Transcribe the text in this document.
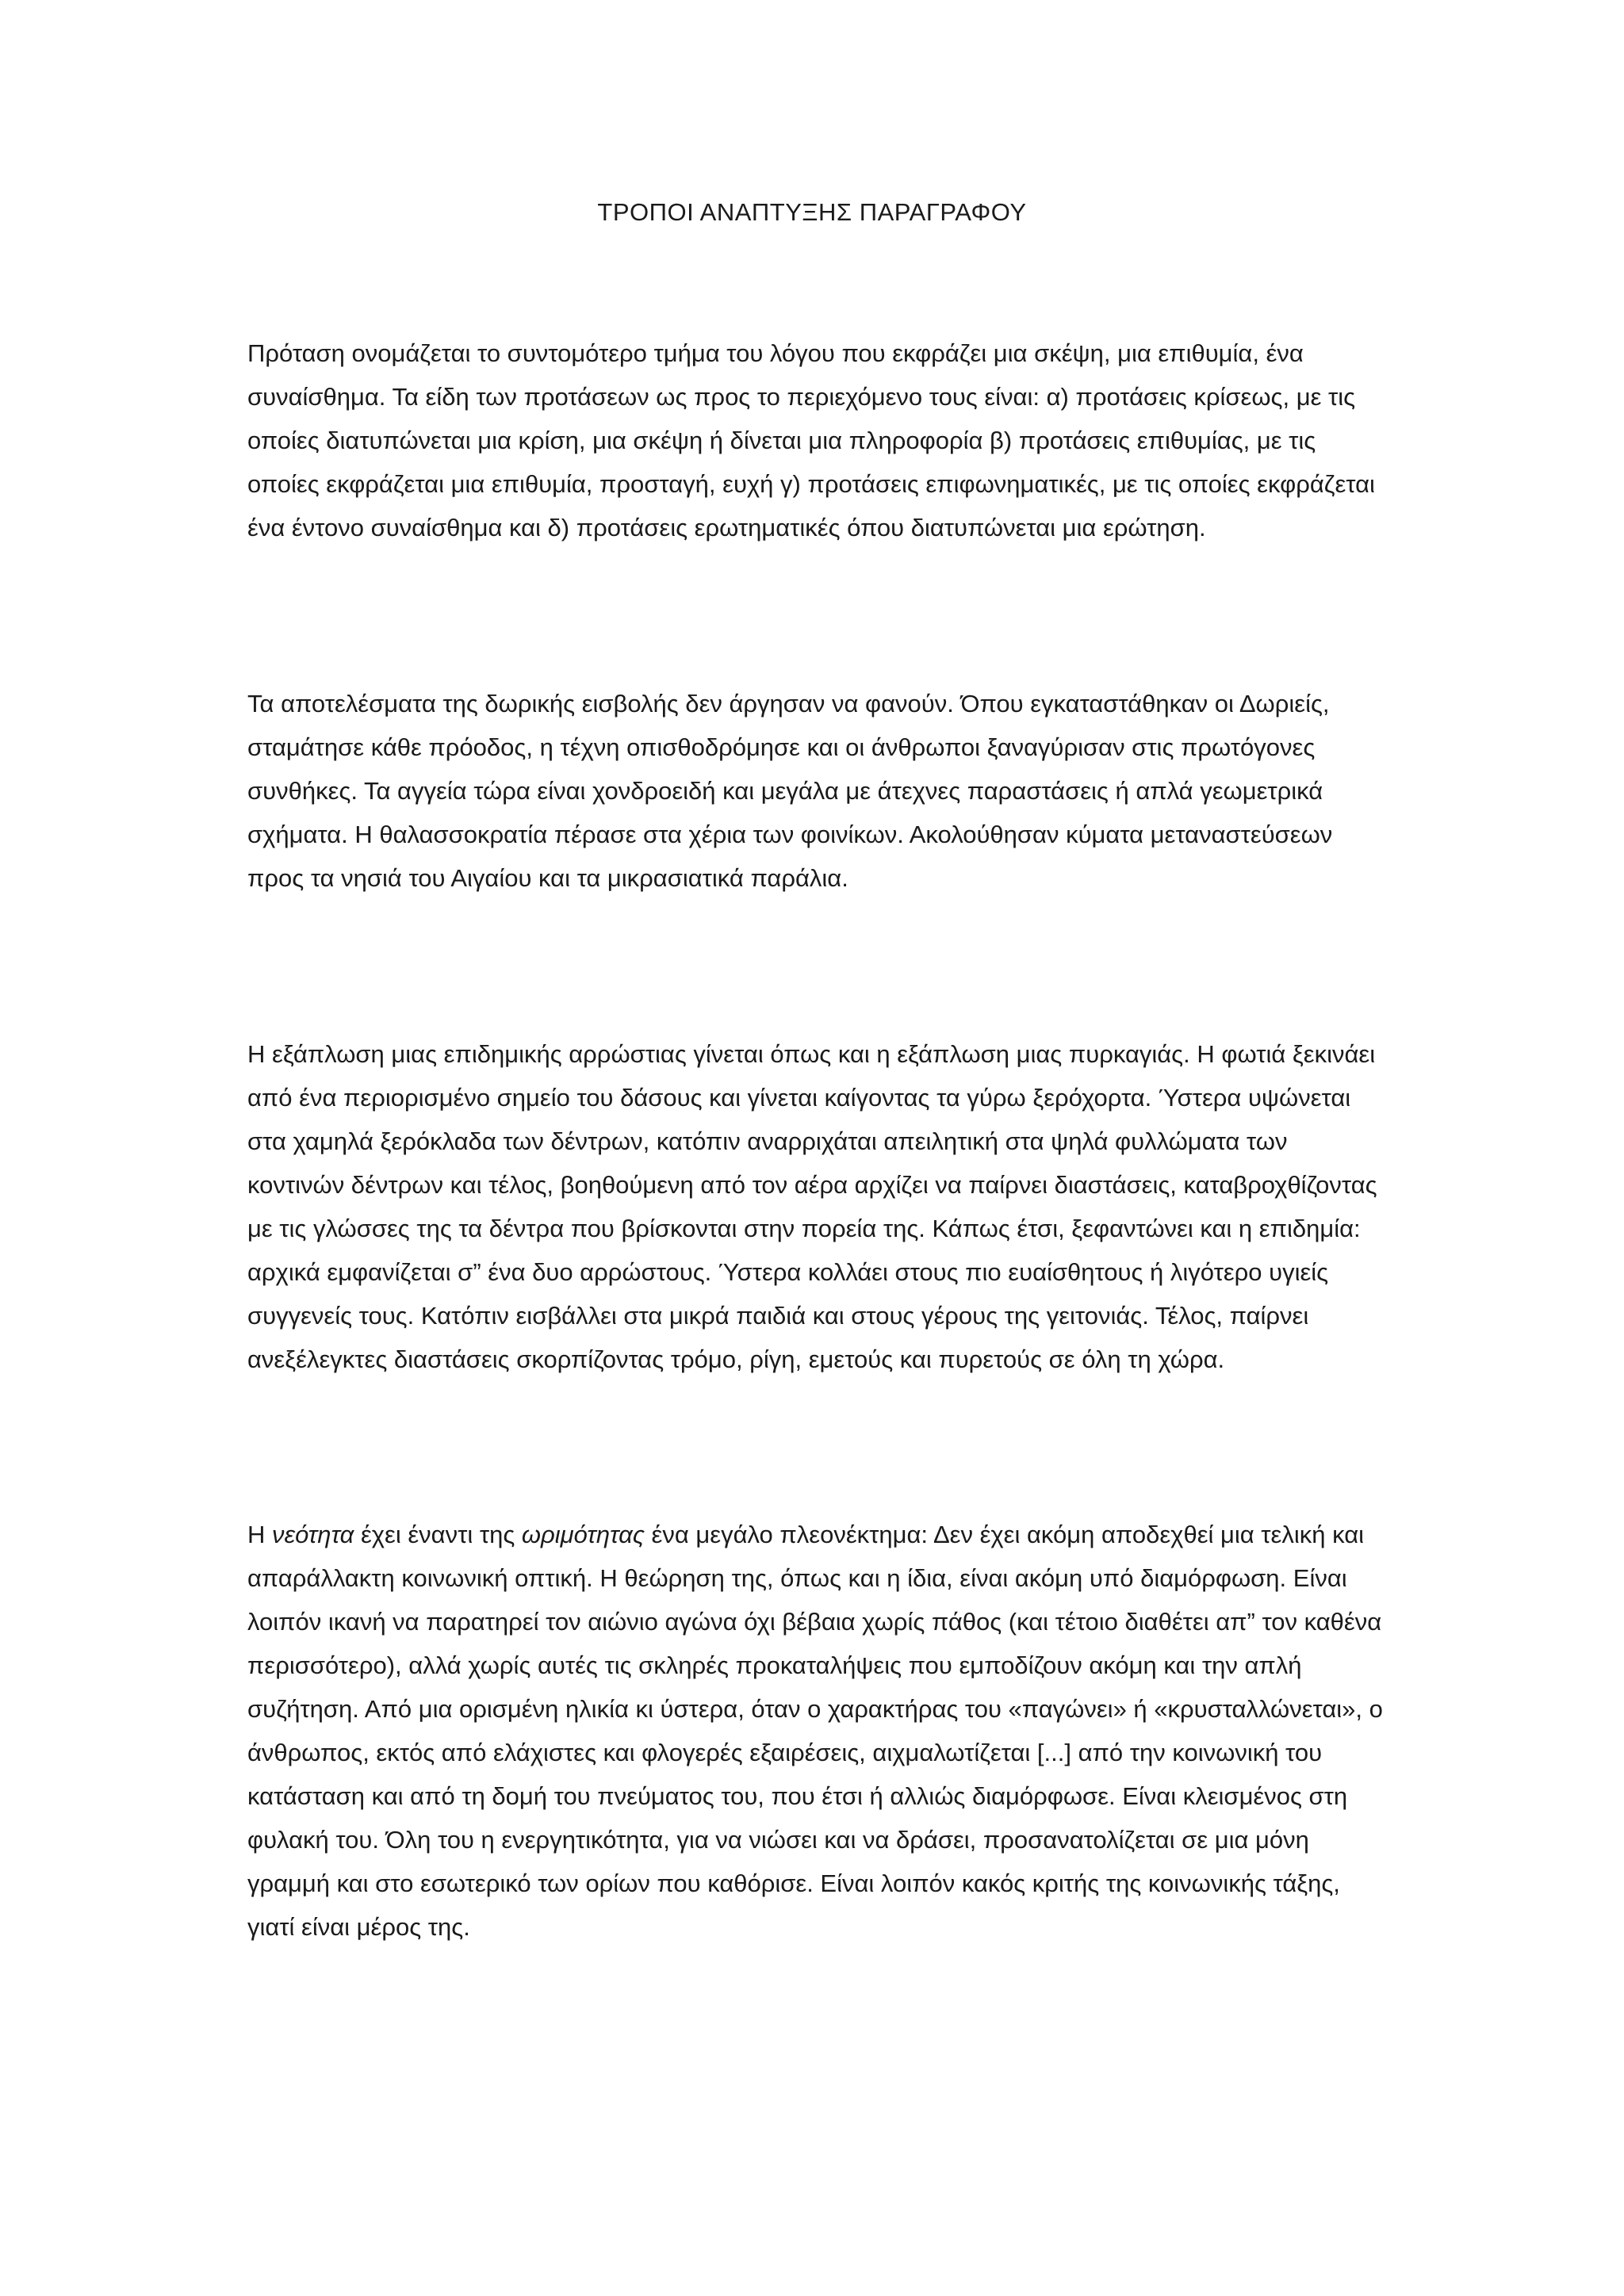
ΤΡΟΠΟΙ ΑΝΑΠΤΥΞΗΣ ΠΑΡΑΓΡΑΦΟΥ

Πρόταση ονομάζεται το συντομότερο τμήμα του λόγου που εκφράζει μια σκέψη, μια επιθυμία, ένα συναίσθημα. Τα είδη των προτάσεων ως προς το περιεχόμενο τους είναι: α) προτάσεις κρίσεως, με τις οποίες διατυπώνεται μια κρίση, μια σκέψη ή δίνεται μια πληροφορία β) προτάσεις επιθυμίας, με τις οποίες εκφράζεται μια επιθυμία, προσταγή, ευχή γ) προτάσεις επιφωνηματικές, με τις οποίες εκφράζεται ένα έντονο συναίσθημα και δ) προτάσεις ερωτηματικές όπου διατυπώνεται μια ερώτηση.

Τα αποτελέσματα της δωρικής εισβολής δεν άργησαν να φανούν. Όπου εγκαταστάθηκαν οι Δωριείς, σταμάτησε κάθε πρόοδος, η τέχνη οπισθοδρόμησε και οι άνθρωποι ξαναγύρισαν στις πρωτόγονες συνθήκες. Τα αγγεία τώρα είναι χονδροειδή και μεγάλα με άτεχνες παραστάσεις ή απλά γεωμετρικά σχήματα. Η θαλασσοκρατία πέρασε στα χέρια των φοινίκων. Ακολούθησαν κύματα μεταναστεύσεων προς τα νησιά του Αιγαίου και τα μικρασιατικά παράλια.

Η εξάπλωση μιας επιδημικής αρρώστιας γίνεται όπως και η εξάπλωση μιας πυρκαγιάς. Η φωτιά ξεκινάει από ένα περιορισμένο σημείο του δάσους και γίνεται καίγοντας τα γύρω ξερόχορτα. Ύστερα υψώνεται στα χαμηλά ξερόκλαδα των δέντρων, κατόπιν αναρριχάται απειλητική στα ψηλά φυλλώματα των κοντινών δέντρων και τέλος, βοηθούμενη από τον αέρα αρχίζει να παίρνει διαστάσεις, καταβροχθίζοντας με τις γλώσσες της τα δέντρα που βρίσκονται στην πορεία της. Κάπως έτσι, ξεφαντώνει και η επιδημία: αρχικά εμφανίζεται σ” ένα δυο αρρώστους. Ύστερα κολλάει στους πιο ευαίσθητους ή λιγότερο υγιείς συγγενείς τους. Κατόπιν εισβάλλει στα μικρά παιδιά και στους γέρους της γειτονιάς. Τέλος, παίρνει ανεξέλεγκτες διαστάσεις σκορπίζοντας τρόμο, ρίγη, εμετούς και πυρετούς σε όλη τη χώρα.

Η νεότητα έχει έναντι της ωριμότητας ένα μεγάλο πλεονέκτημα: Δεν έχει ακόμη αποδεχθεί μια τελική και απαράλλακτη κοινωνική οπτική. Η θεώρηση της, όπως και η ίδια, είναι ακόμη υπό διαμόρφωση. Είναι λοιπόν ικανή να παρατηρεί τον αιώνιο αγώνα όχι βέβαια χωρίς πάθος (και τέτοιο διαθέτει απ” τον καθένα περισσότερο), αλλά χωρίς αυτές τις σκληρές προκαταλήψεις που εμποδίζουν ακόμη και την απλή συζήτηση. Από μια ορισμένη ηλικία κι ύστερα, όταν ο χαρακτήρας του «παγώνει» ή «κρυσταλλώνεται», ο άνθρωπος, εκτός από ελάχιστες και φλογερές εξαιρέσεις, αιχμαλωτίζεται [...] από την κοινωνική του κατάσταση και από τη δομή του πνεύματος του, που έτσι ή αλλιώς διαμόρφωσε. Είναι κλεισμένος στη φυλακή του. Όλη του η ενεργητικότητα, για να νιώσει και να δράσει, προσανατολίζεται σε μια μόνη γραμμή και στο εσωτερικό των ορίων που καθόρισε. Είναι λοιπόν κακός κριτής της κοινωνικής τάξης, γιατί είναι μέρος της.
